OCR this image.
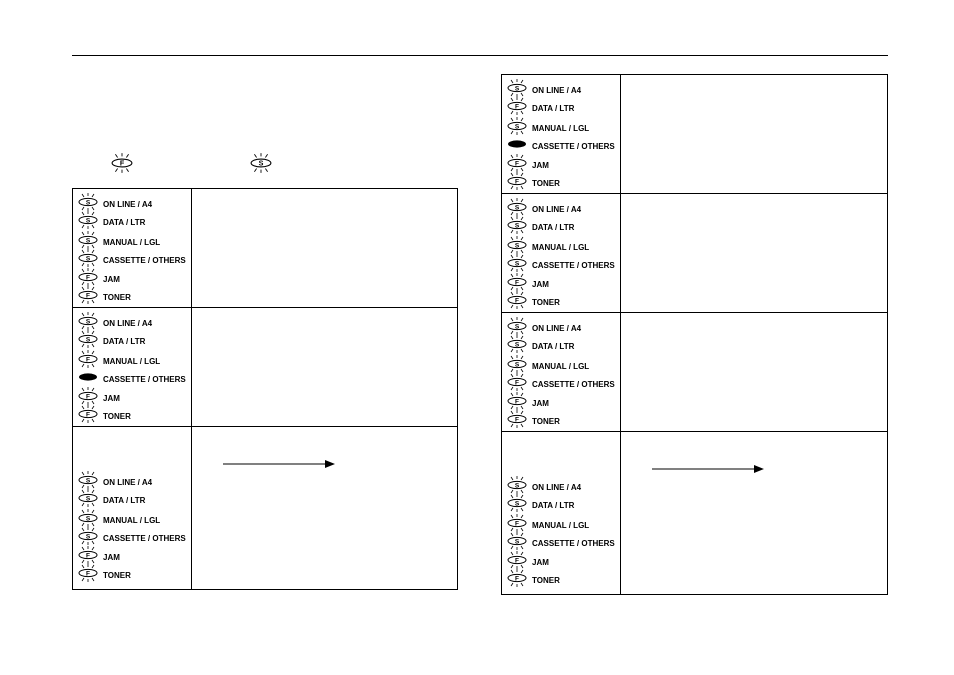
F	S
S ON LINE / A4
S DATA / LTR
S MANUAL / LGL
S CASSETTE / OTHERS
F JAM
F TONER
S ON LINE / A4
S DATA / LTR
F MANUAL / LGL
CASSETTE / OTHERS
F JAM
F TONER
S ON LINE / A4
S DATA / LTR
S MANUAL / LGL
S CASSETTE / OTHERS
F JAM
F TONER
S ON LINE / A4
F DATA / LTR
S MANUAL / LGL
CASSETTE / OTHERS
F JAM
F TONER
S ON LINE / A4
S DATA / LTR
S MANUAL / LGL
S CASSETTE / OTHERS
F JAM
F TONER
S ON LINE / A4
S DATA / LTR
S MANUAL / LGL
F CASSETTE / OTHERS
F JAM
F TONER
S ON LINE / A4
S DATA / LTR
F MANUAL / LGL
S CASSETTE / OTHERS
F JAM
F TONER
